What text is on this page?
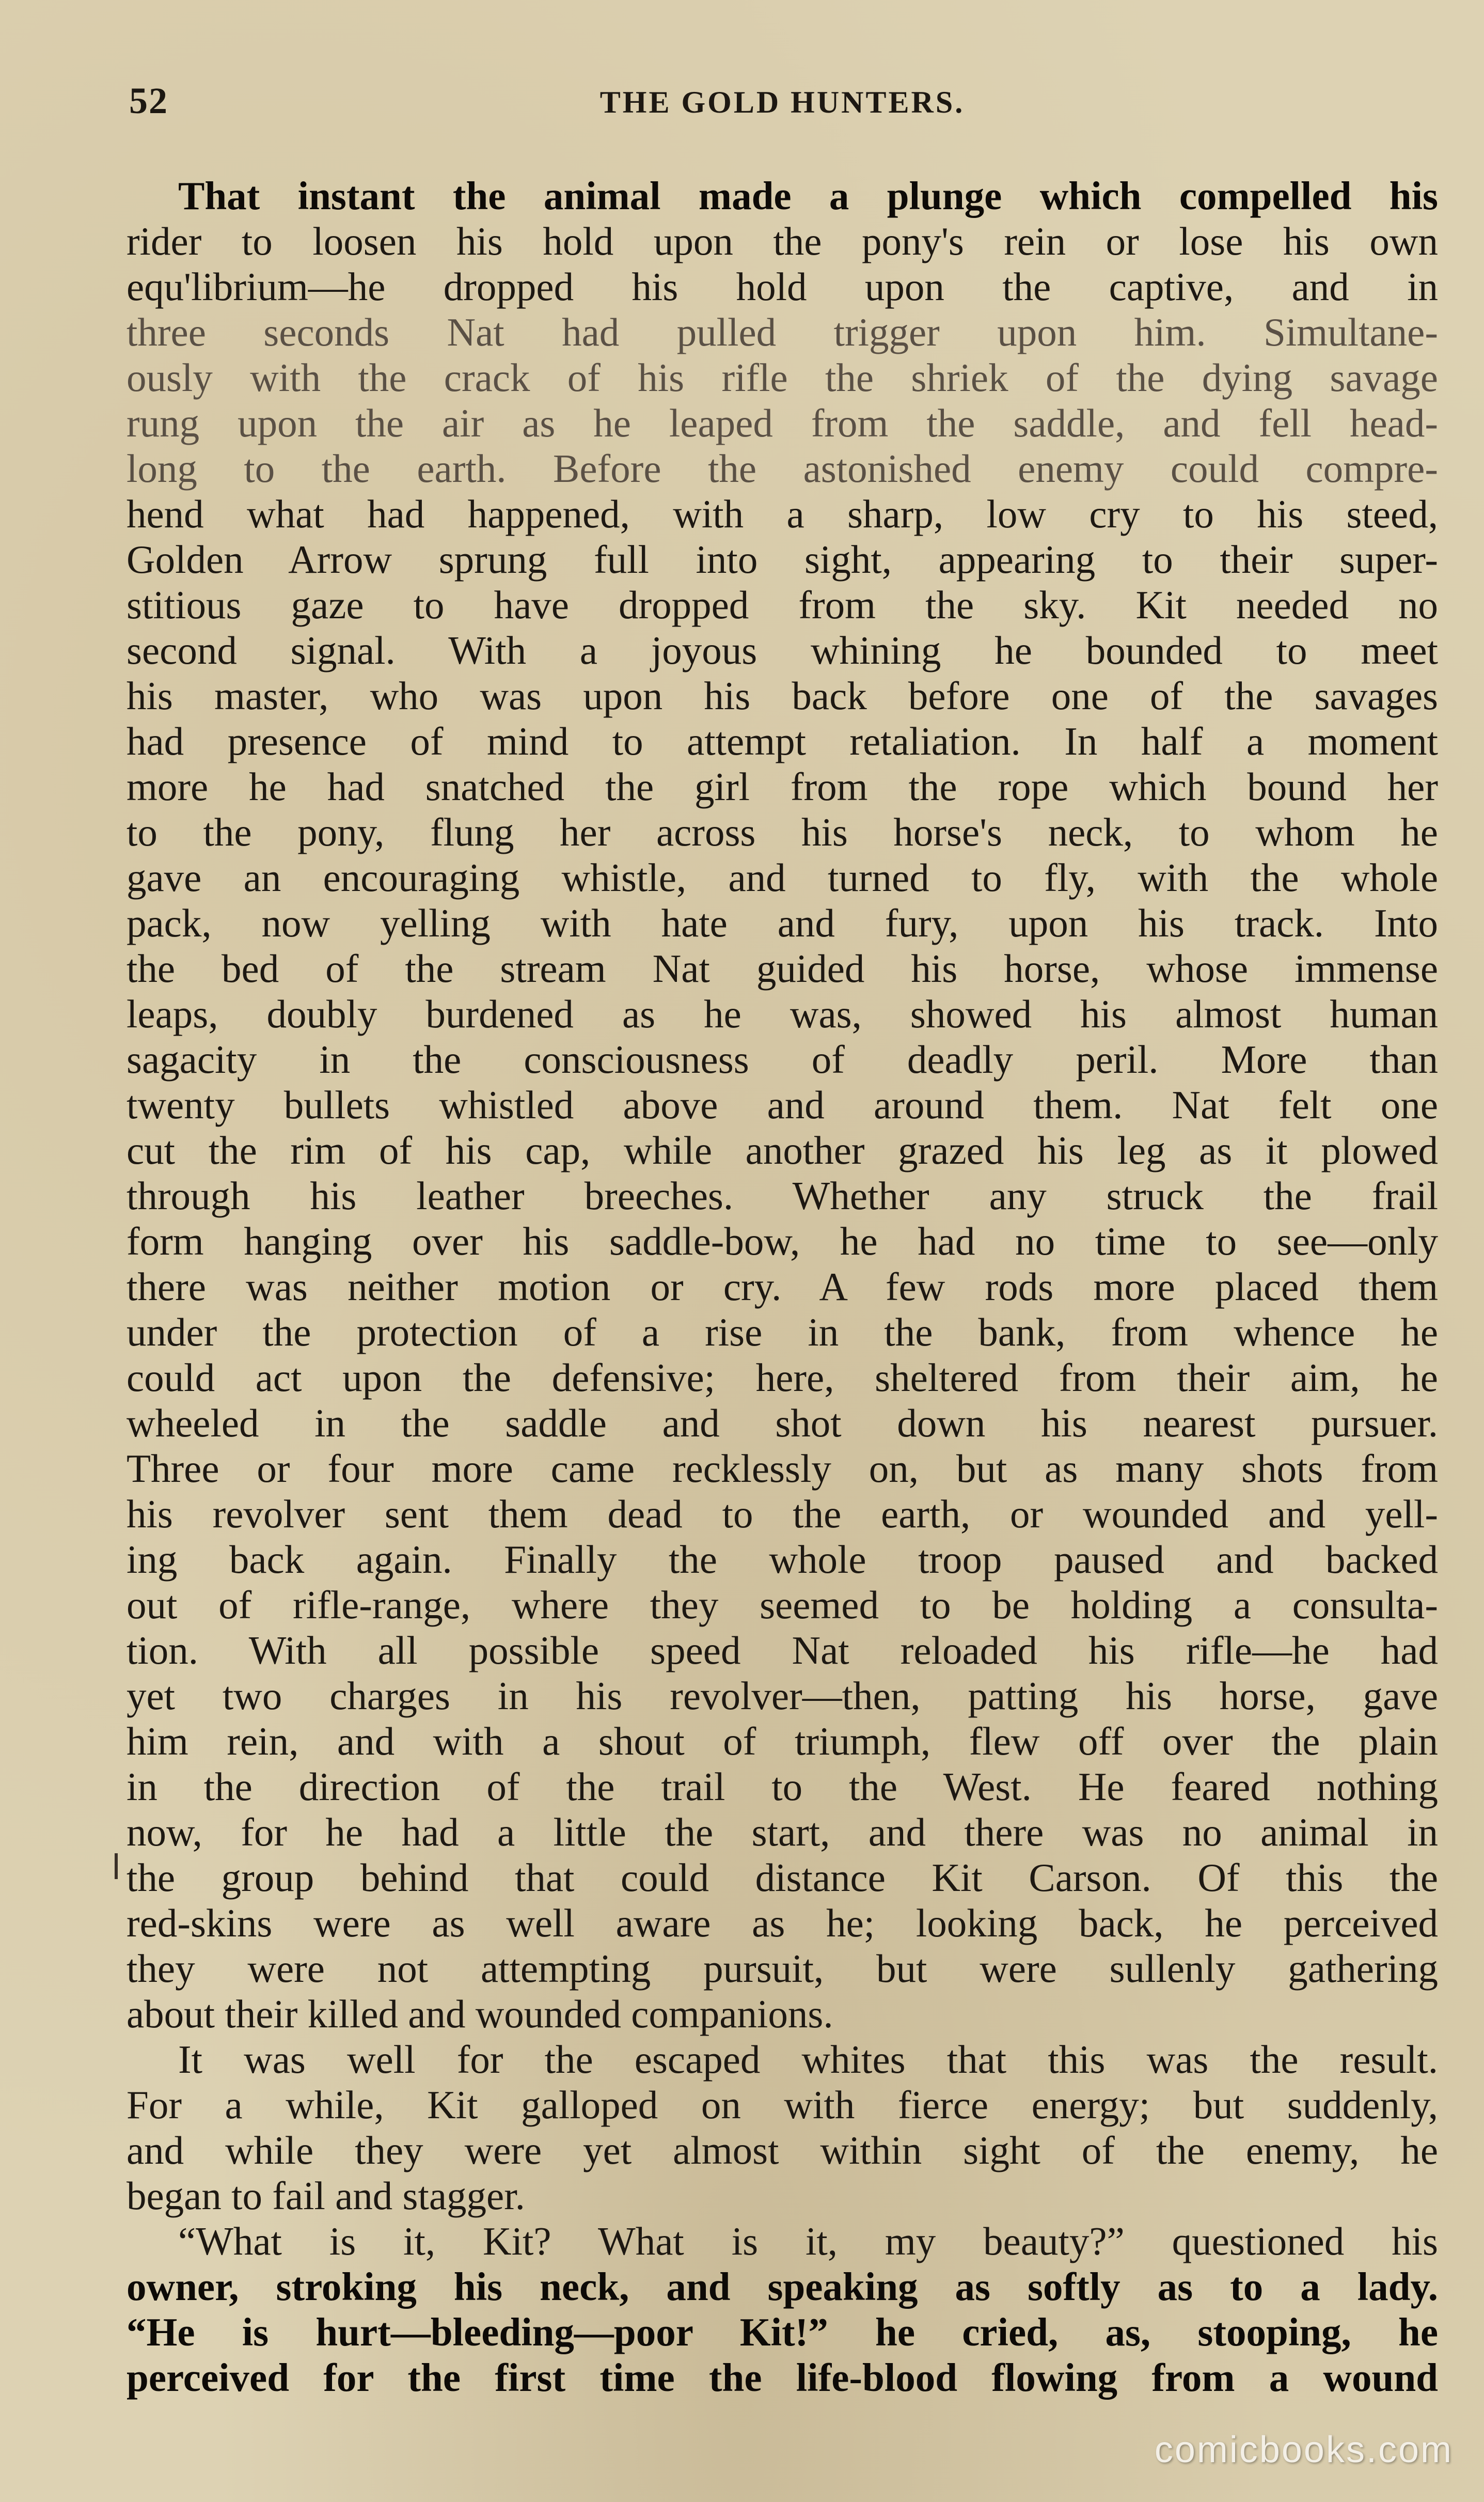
52	THE GOLD HUNTERS.
That instant the animal made a plunge which compelled his
rider to loosen his hold upon the pony's rein or lose his own
equ'librium—he dropped his hold upon the captive, and in
three seconds Nat had pulled trigger upon him. Simultane-
ously with the crack of his rifle the shriek of the dying savage
rung upon the air as he leaped from the saddle, and fell head-
long to the earth. Before the astonished enemy could compre-
hend what had happened, with a sharp, low cry to his steed,
Golden Arrow sprung full into sight, appearing to their super-
stitious gaze to have dropped from the sky. Kit needed no
second signal. With a joyous whining he bounded to meet
his master, who was upon his back before one of the savages
had presence of mind to attempt retaliation. In half a moment
more he had snatched the girl from the rope which bound her
to the pony, flung her across his horse's neck, to whom he
gave an encouraging whistle, and turned to fly, with the whole
pack, now yelling with hate and fury, upon his track. Into
the bed of the stream Nat guided his horse, whose immense
leaps, doubly burdened as he was, showed his almost human
sagacity in the consciousness of deadly peril. More than
twenty bullets whistled above and around them. Nat felt one
cut the rim of his cap, while another grazed his leg as it plowed
through his leather breeches. Whether any struck the frail
form hanging over his saddle-bow, he had no time to see—only
there was neither motion or cry. A few rods more placed them
under the protection of a rise in the bank, from whence he
could act upon the defensive; here, sheltered from their aim, he
wheeled in the saddle and shot down his nearest pursuer.
Three or four more came recklessly on, but as many shots from
his revolver sent them dead to the earth, or wounded and yell-
ing back again. Finally the whole troop paused and backed
out of rifle-range, where they seemed to be holding a consulta-
tion. With all possible speed Nat reloaded his rifle—he had
yet two charges in his revolver—then, patting his horse, gave
him rein, and with a shout of triumph, flew off over the plain
in the direction of the trail to the West. He feared nothing
now, for he had a little the start, and there was no animal in
the group behind that could distance Kit Carson. Of this the
red-skins were as well aware as he; looking back, he perceived
they were not attempting pursuit, but were sullenly gathering
about their killed and wounded companions.
It was well for the escaped whites that this was the result.
For a while, Kit galloped on with fierce energy; but suddenly,
and while they were yet almost within sight of the enemy, he
began to fail and stagger.
“What is it, Kit? What is it, my beauty?” questioned his
owner, stroking his neck, and speaking as softly as to a lady.
“He is hurt—bleeding—poor Kit!” he cried, as, stooping, he
perceived for the first time the life-blood flowing from a wound
comicbooks.com
